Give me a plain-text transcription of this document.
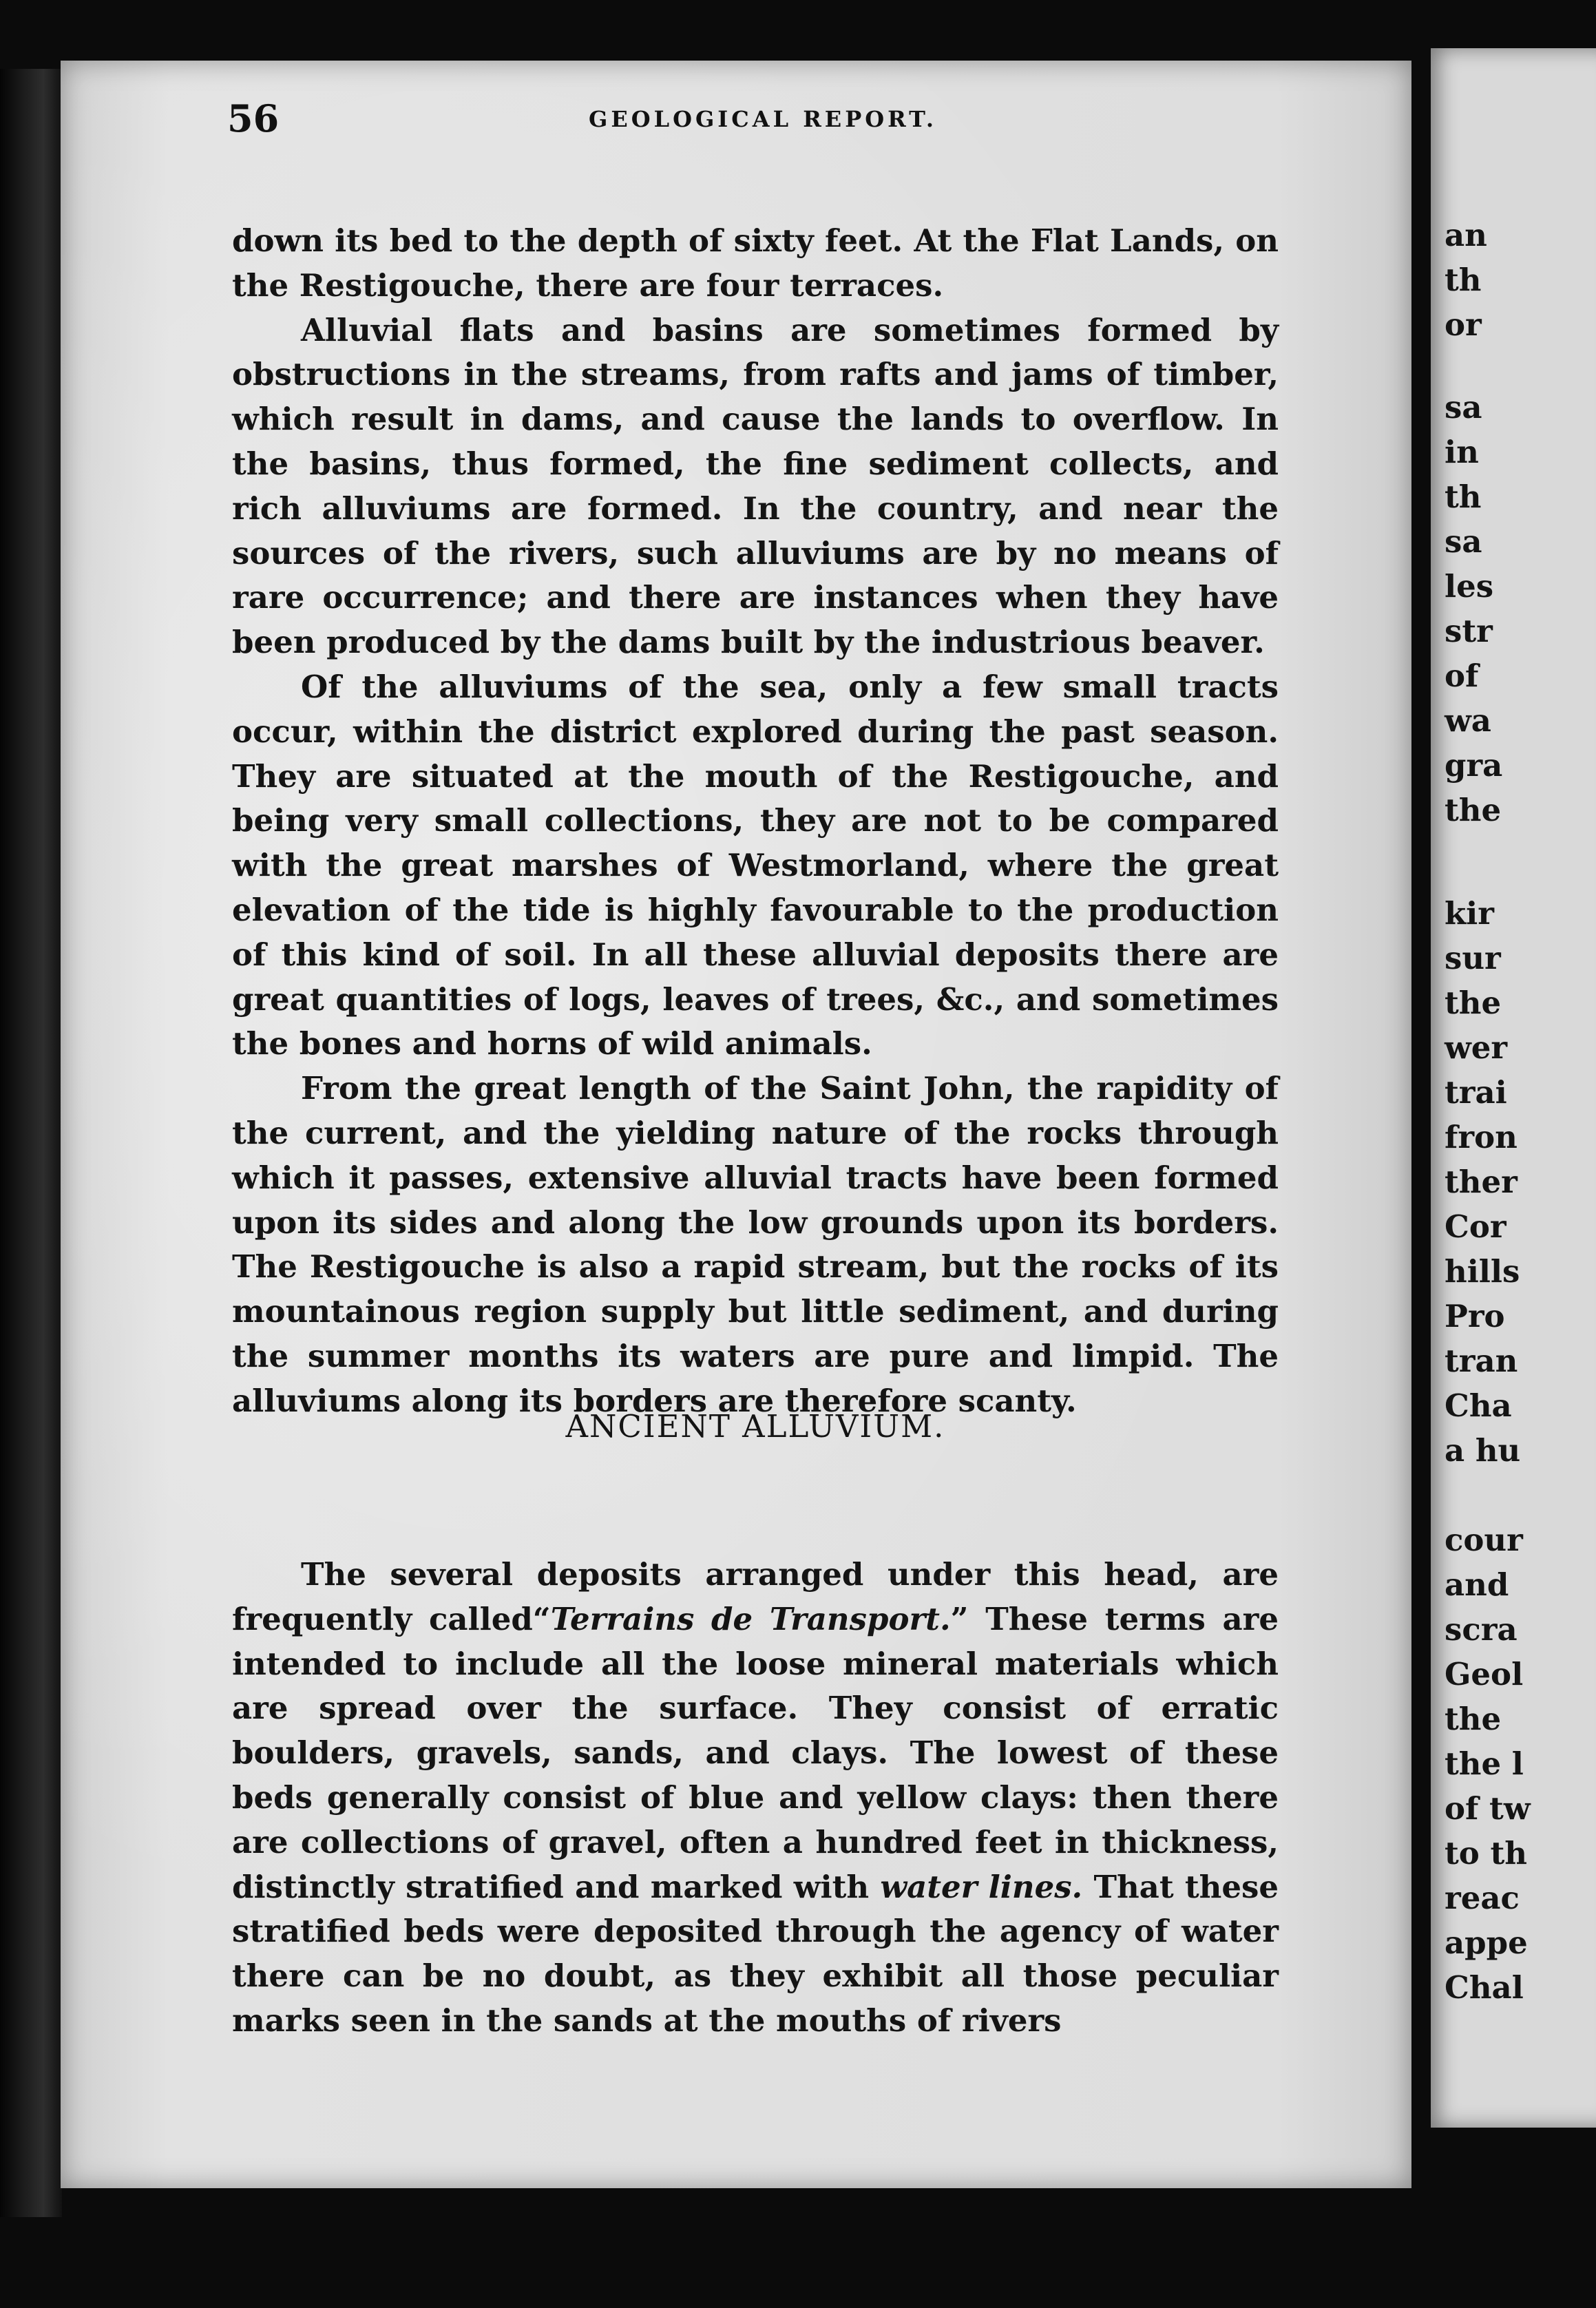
56	GEOLOGICAL REPORT.

down its bed to the depth of sixty feet. At the Flat Lands, on the Restigouche, there are four terraces.

Alluvial flats and basins are sometimes formed by obstructions in the streams, from rafts and jams of timber, which result in dams, and cause the lands to overflow. In the basins, thus formed, the fine sediment collects, and rich alluviums are formed. In the country, and near the sources of the rivers, such alluviums are by no means of rare occurrence; and there are instances when they have been produced by the dams built by the industrious beaver.

Of the alluviums of the sea, only a few small tracts occur, within the district explored during the past season. They are situated at the mouth of the Restigouche, and being very small collections, they are not to be compared with the great marshes of Westmorland, where the great elevation of the tide is highly favourable to the production of this kind of soil. In all these alluvial deposits there are great quantities of logs, leaves of trees, &c., and sometimes the bones and horns of wild animals.

From the great length of the Saint John, the rapidity of the current, and the yielding nature of the rocks through which it passes, extensive alluvial tracts have been formed upon its sides and along the low grounds upon its borders. The Restigouche is also a rapid stream, but the rocks of its mountainous region supply but little sediment, and during the summer months its waters are pure and limpid. The alluviums along its borders are therefore scanty.

ANCIENT ALLUVIUM.

The several deposits arranged under this head, are frequently called“Terrains de Transport.” These terms are intended to include all the loose mineral materials which are spread over the surface. They consist of erratic boulders, gravels, sands, and clays. The lowest of these beds generally consist of blue and yellow clays: then there are collections of gravel, often a hundred feet in thickness, distinctly stratified and marked with water lines. That these stratified beds were deposited through the agency of water there can be no doubt, as they exhibit all those peculiar marks seen in the sands at the mouths of rivers

an
th
or
sa
in
th
sa
les
str
of
wa
gra
the
kir
sur
the
wer
trai
fron
ther
Cor
hills
Pro
tran
Cha
a hu
cour
and
scra
Geol
the
the l
of tw
to th
reac
appe
Chal
